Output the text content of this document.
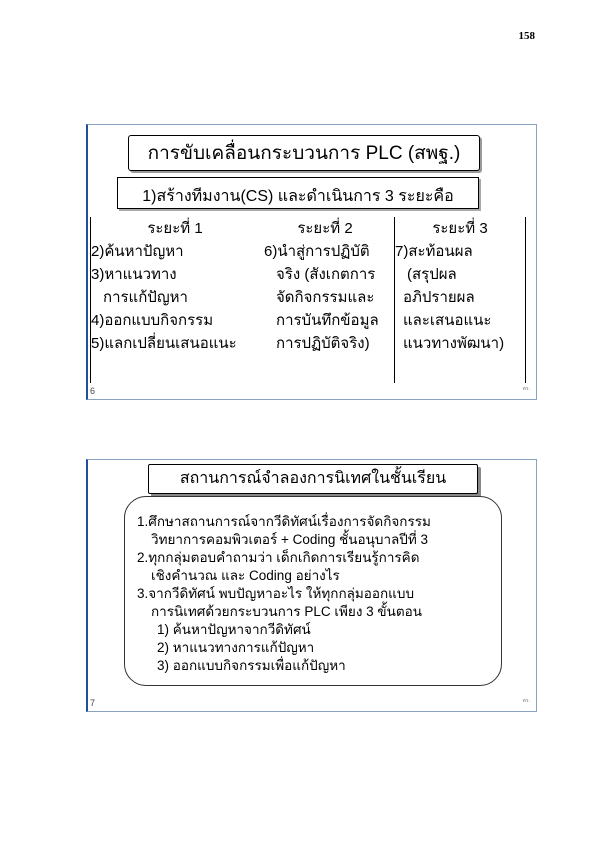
158
การขับเคลื่อนกระบวนการ PLC (สพฐ.)
1)สร้างทีมงาน(CS) และดำเนินการ 3 ระยะคือ
ระยะที่ 1
2)ค้นหาปัญหา
3)หาแนวทาง
การแก้ปัญหา
4)ออกแบบกิจกรรม
5)แลกเปลี่ยนเสนอแนะ
ระยะที่ 2
6)นำสู่การปฏิบัติ
จริง (สังเกตการ
จัดกิจกรรมและ
การบันทึกข้อมูล
การปฏิบัติจริง)
ระยะที่ 3
7)สะท้อนผล
(สรุปผล
อภิปรายผล
และเสนอแนะ
แนวทางพัฒนา)
6	ดร.
สถานการณ์จำลองการนิเทศในชั้นเรียน
1.ศึกษาสถานการณ์จากวีดิทัศน์เรื่องการจัดกิจกรรม
วิทยาการคอมพิวเตอร์ + Coding ชั้นอนุบาลปีที่ 3
2.ทุกกลุ่มตอบคำถามว่า เด็กเกิดการเรียนรู้การคิด
เชิงคำนวณ และ Coding อย่างไร
3.จากวีดิทัศน์ พบปัญหาอะไร ให้ทุกกลุ่มออกแบบ
การนิเทศด้วยกระบวนการ PLC เพียง 3 ขั้นตอน
1) ค้นหาปัญหาจากวีดิทัศน์
2) หาแนวทางการแก้ปัญหา
3) ออกแบบกิจกรรมเพื่อแก้ปัญหา
7	ดร.
